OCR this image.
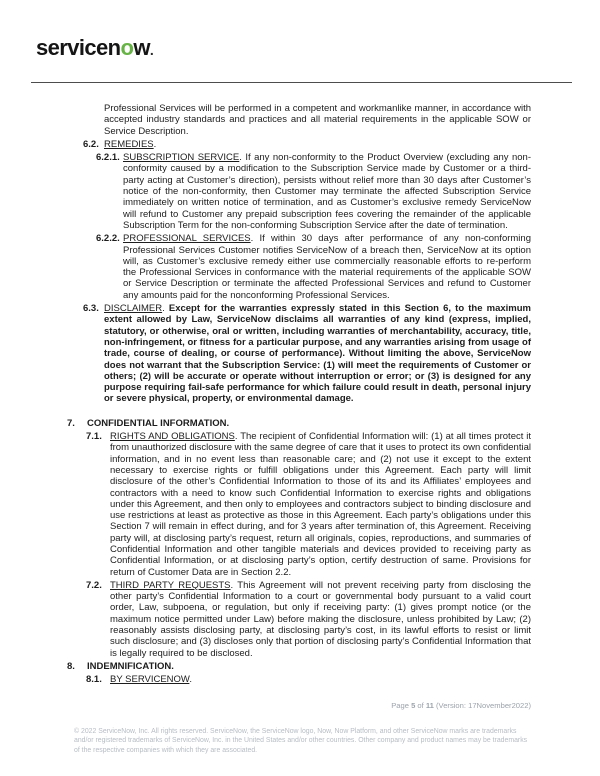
servicenow.
Professional Services will be performed in a competent and workmanlike manner, in accordance with accepted industry standards and practices and all material requirements in the applicable SOW or Service Description.
6.2. REMEDIES.
6.2.1. SUBSCRIPTION SERVICE. If any non-conformity to the Product Overview (excluding any non-conformity caused by a modification to the Subscription Service made by Customer or a third-party acting at Customer’s direction), persists without relief more than 30 days after Customer’s notice of the non-conformity, then Customer may terminate the affected Subscription Service immediately on written notice of termination, and as Customer’s exclusive remedy ServiceNow will refund to Customer any prepaid subscription fees covering the remainder of the applicable Subscription Term for the non-conforming Subscription Service after the date of termination.
6.2.2. PROFESSIONAL SERVICES. If within 30 days after performance of any non-conforming Professional Services Customer notifies ServiceNow of a breach then, ServiceNow at its option will, as Customer’s exclusive remedy either use commercially reasonable efforts to re-perform the Professional Services in conformance with the material requirements of the applicable SOW or Service Description or terminate the affected Professional Services and refund to Customer any amounts paid for the nonconforming Professional Services.
6.3. DISCLAIMER. Except for the warranties expressly stated in this Section 6, to the maximum extent allowed by Law, ServiceNow disclaims all warranties of any kind (express, implied, statutory, or otherwise, oral or written, including warranties of merchantability, accuracy, title, non-infringement, or fitness for a particular purpose, and any warranties arising from usage of trade, course of dealing, or course of performance). Without limiting the above, ServiceNow does not warrant that the Subscription Service: (1) will meet the requirements of Customer or others; (2) will be accurate or operate without interruption or error; or (3) is designed for any purpose requiring fail-safe performance for which failure could result in death, personal injury or severe physical, property, or environmental damage.
7. CONFIDENTIAL INFORMATION.
7.1. RIGHTS AND OBLIGATIONS. The recipient of Confidential Information will: (1) at all times protect it from unauthorized disclosure with the same degree of care that it uses to protect its own confidential information, and in no event less than reasonable care; and (2) not use it except to the extent necessary to exercise rights or fulfill obligations under this Agreement. Each party will limit disclosure of the other’s Confidential Information to those of its and its Affiliates’ employees and contractors with a need to know such Confidential Information to exercise rights and obligations under this Agreement, and then only to employees and contractors subject to binding disclosure and use restrictions at least as protective as those in this Agreement. Each party’s obligations under this Section 7 will remain in effect during, and for 3 years after termination of, this Agreement. Receiving party will, at disclosing party’s request, return all originals, copies, reproductions, and summaries of Confidential Information and other tangible materials and devices provided to receiving party as Confidential Information, or at disclosing party’s option, certify destruction of same. Provisions for return of Customer Data are in Section 2.2.
7.2. THIRD PARTY REQUESTS. This Agreement will not prevent receiving party from disclosing the other party’s Confidential Information to a court or governmental body pursuant to a valid court order, Law, subpoena, or regulation, but only if receiving party: (1) gives prompt notice (or the maximum notice permitted under Law) before making the disclosure, unless prohibited by Law; (2) reasonably assists disclosing party, at disclosing party’s cost, in its lawful efforts to resist or limit such disclosure; and (3) discloses only that portion of disclosing party’s Confidential Information that is legally required to be disclosed.
8. INDEMNIFICATION.
8.1. BY SERVICENOW.
Page 5 of 11 (Version: 17November2022)
© 2022 ServiceNow, Inc. All rights reserved. ServiceNow, the ServiceNow logo, Now, Now Platform, and other ServiceNow marks are trademarks and/or registered trademarks of ServiceNow, Inc. in the United States and/or other countries. Other company and product names may be trademarks of the respective companies with which they are associated.
